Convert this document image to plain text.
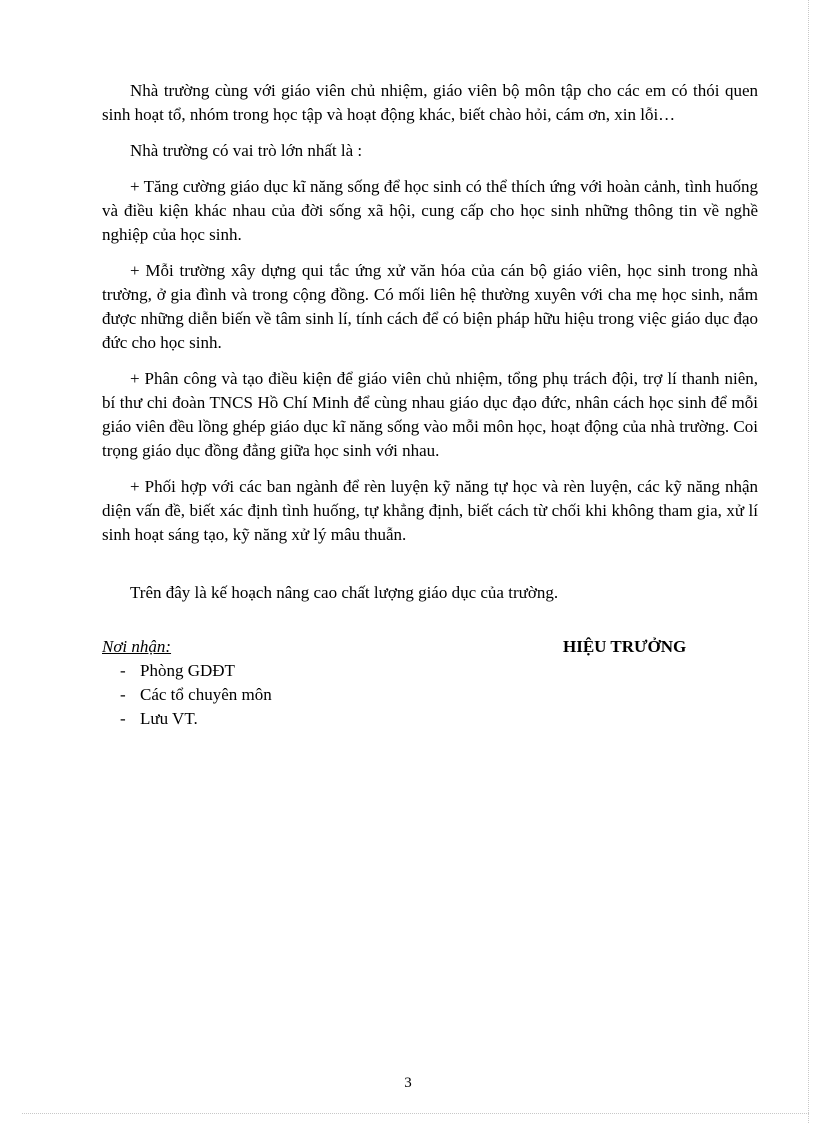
Nhà trường cùng với giáo viên chủ nhiệm, giáo viên bộ môn tập cho các em có thói quen sinh hoạt tổ, nhóm trong học tập và hoạt động khác, biết chào hỏi, cám ơn, xin lỗi…

Nhà trường có vai trò lớn nhất là :

+ Tăng cường giáo dục kĩ năng sống để học sinh có thể thích ứng với hoàn cảnh, tình huống và điều kiện khác nhau của đời sống xã hội, cung cấp cho học sinh những thông tin về nghề nghiệp của học sinh.

+ Mỗi trường xây dựng qui tắc ứng xử văn hóa của cán bộ giáo viên, học sinh trong nhà trường, ở gia đình và trong cộng đồng. Có mối liên hệ thường xuyên với cha mẹ học sinh, nắm được những diễn biến về tâm sinh lí, tính cách để có biện pháp hữu hiệu trong việc giáo dục đạo đức cho học sinh.

+ Phân công và tạo điều kiện để giáo viên chủ nhiệm, tổng phụ trách đội, trợ lí thanh niên, bí thư chi đoàn TNCS Hồ Chí Minh để cùng nhau giáo dục đạo đức, nhân cách học sinh để mỗi giáo viên đều lồng ghép giáo dục kĩ năng sống vào mỗi môn học, hoạt động của nhà trường. Coi trọng giáo dục đồng đẳng giữa học sinh với nhau.

+ Phối hợp với các ban ngành để rèn luyện kỹ năng tự học và rèn luyện, các kỹ năng nhận diện vấn đề, biết xác định tình huống, tự khẳng định, biết cách từ chối khi không tham gia, xử lí sinh hoạt sáng tạo, kỹ năng xử lý mâu thuẫn.

Trên đây là kế hoạch nâng cao chất lượng giáo dục của trường.

Nơi nhận:
- Phòng GDĐT
- Các tổ chuyên môn
- Lưu VT.
HIỆU TRƯỞNG
3
